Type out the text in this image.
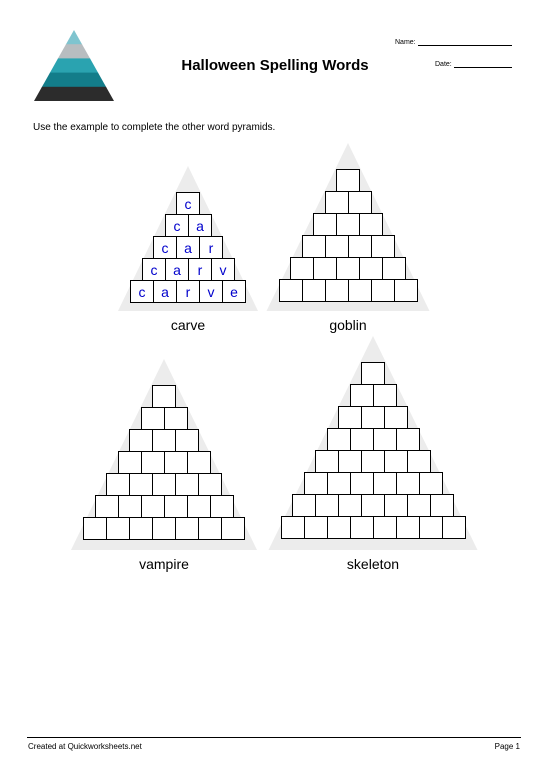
Halloween Spelling Words
Name:
Date:
Use the example to complete the other word pyramids.
c
c	a
c	a	r
c	a	r	v
c	a	r	v	e
carve	goblin
vampire	skeleton
Created at Quickworksheets.net	Page 1
